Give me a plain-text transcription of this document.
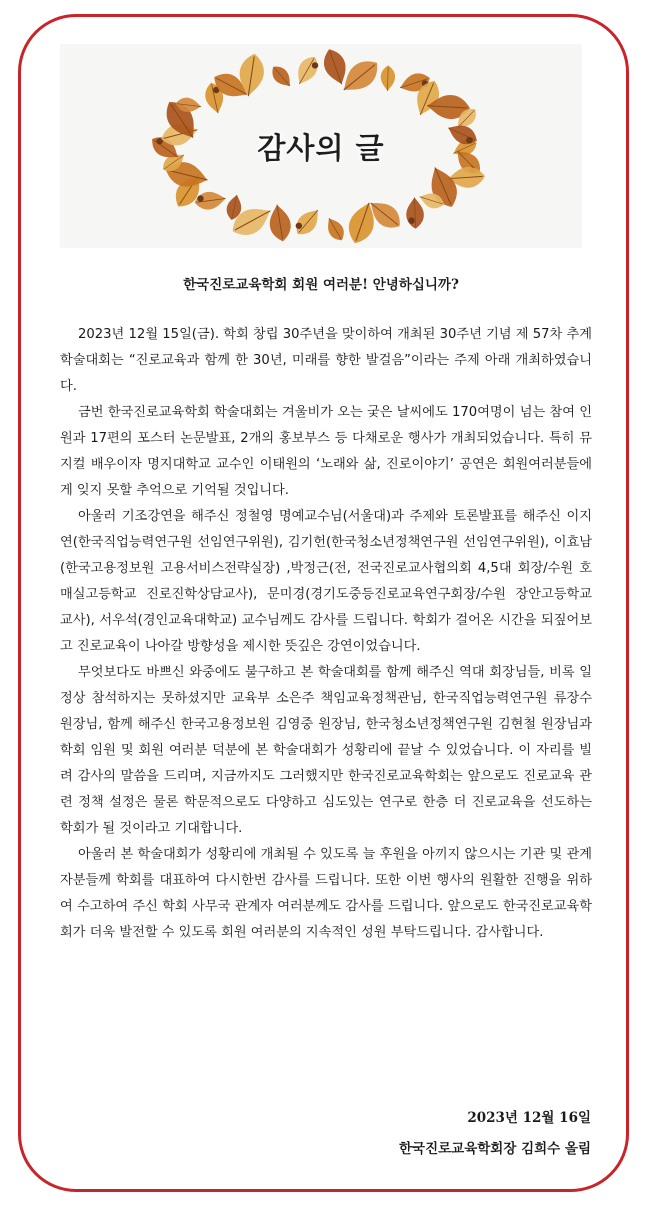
감사의 글
한국진로교육학회 회원 여러분! 안녕하십니까?

2023년 12월 15일(금). 학회 창립 30주년을 맞이하여 개최된 30주년 기념 제 57차 추계학술대회는 “진로교육과 함께 한 30년, 미래를 향한 발걸음”이라는 주제 아래 개최하였습니다.

금번 한국진로교육학회 학술대회는 겨울비가 오는 궂은 날씨에도 170여명이 넘는 참여 인원과 17편의 포스터 논문발표, 2개의 홍보부스 등 다채로운 행사가 개최되었습니다. 특히 뮤지컬 배우이자 명지대학교 교수인 이태원의 ‘노래와 삶, 진로이야기’ 공연은 회원여러분들에게 잊지 못할 추억으로 기억될 것입니다.

아울러 기조강연을 해주신 정철영 명예교수님(서울대)과 주제와 토론발표를 해주신 이지연(한국직업능력연구원 선임연구위원), 김기헌(한국청소년정책연구원 선임연구위원), 이효남(한국고용정보원 고용서비스전략실장) ,박정근(전, 전국진로교사협의회 4,5대 회장/수원 호매실고등학교 진로진학상담교사), 문미경(경기도중등진로교육연구회장/수원 장안고등학교 교사), 서우석(경인교육대학교) 교수님께도 감사를 드립니다. 학회가 걸어온 시간을 되짚어보고 진로교육이 나아갈 방향성을 제시한 뜻깊은 강연이었습니다.

무엇보다도 바쁘신 와중에도 불구하고 본 학술대회를 함께 해주신 역대 회장님들, 비록 일정상 참석하지는 못하셨지만 교육부 소은주 책임교육정책관님, 한국직업능력연구원 류장수 원장님, 함께 해주신 한국고용정보원 김영중 원장님, 한국청소년정책연구원 김현철 원장님과 학회 임원 및 회원 여러분 덕분에 본 학술대회가 성황리에 끝날 수 있었습니다. 이 자리를 빌려 감사의 말씀을 드리며, 지금까지도 그러했지만 한국진로교육학회는 앞으로도 진로교육 관련 정책 설정은 물론 학문적으로도 다양하고 심도있는 연구로 한층 더 진로교육을 선도하는 학회가 될 것이라고 기대합니다.

아울러 본 학술대회가 성황리에 개최될 수 있도록 늘 후원을 아끼지 않으시는 기관 및 관계자분들께 학회를 대표하여 다시한번 감사를 드립니다. 또한 이번 행사의 원활한 진행을 위하여 수고하여 주신 학회 사무국 관계자 여러분께도 감사를 드립니다. 앞으로도 한국진로교육학회가 더욱 발전할 수 있도록 회원 여러분의 지속적인 성원 부탁드립니다. 감사합니다.

2023년 12월 16일
한국진로교육학회장 김희수 올림
